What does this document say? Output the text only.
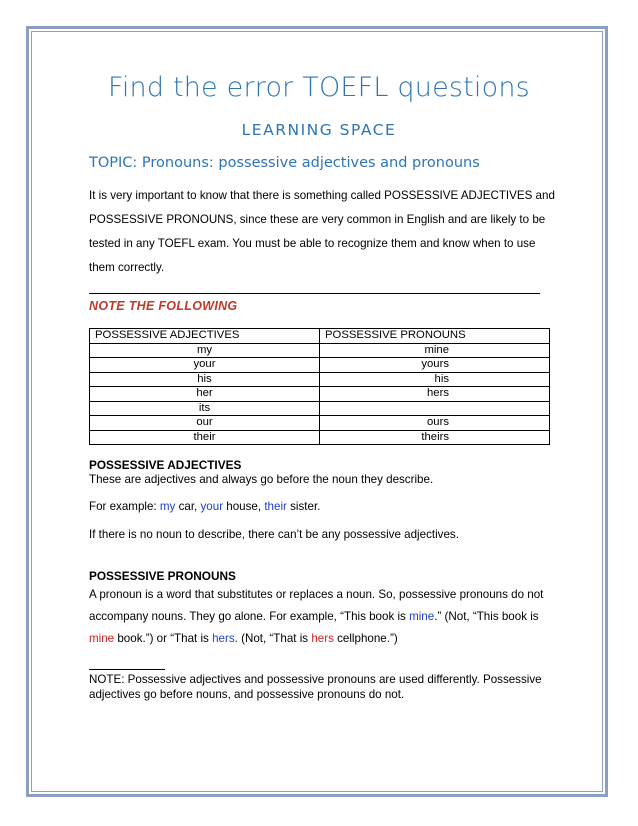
Find the error TOEFL questions
LEARNING SPACE
TOPIC: Pronouns: possessive adjectives and pronouns
It is very important to know that there is something called POSSESSIVE ADJECTIVES and
POSSESSIVE PRONOUNS, since these are very common in English and are likely to be
tested in any TOEFL exam. You must be able to recognize them and know when to use
them correctly.
NOTE THE FOLLOWING
POSSESSIVE ADJECTIVES	POSSESSIVE PRONOUNS
my	mine
your	yours
his	his
her	hers
its	
our	ours
their	theirs
POSSESSIVE ADJECTIVES
These are adjectives and always go before the noun they describe.
For example: my car, your house, their sister.
If there is no noun to describe, there can’t be any possessive adjectives.
POSSESSIVE PRONOUNS
A pronoun is a word that substitutes or replaces a noun. So, possessive pronouns do not
accompany nouns. They go alone. For example, “This book is mine.” (Not, “This book is
mine book.”) or “That is hers. (Not, “That is hers cellphone.”)
NOTE: Possessive adjectives and possessive pronouns are used differently. Possessive
adjectives go before nouns, and possessive pronouns do not.
